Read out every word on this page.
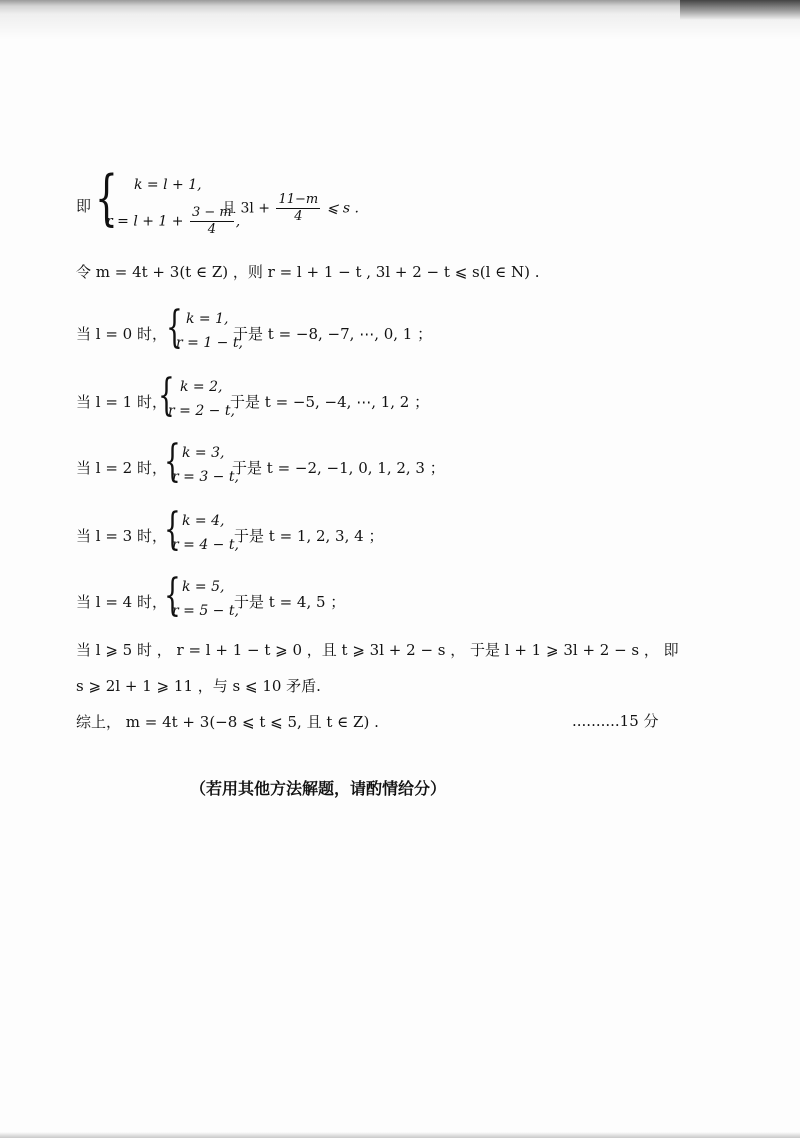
即 { k = l + 1,
$r = l + 1 + \frac{3 - m}{4}$ ,
且 $3l + \frac{11-m}{4}$ ⩽ s .
令 m = 4t + 3(t ∈ Z) ，则 r = l + 1 − t , 3l + 2 − t ⩽ s(l ∈ N) .
当 l = 0 时， { k = 1,
r = 1 − t,
于是 t = −8, −7, ⋯, 0, 1 ；
当 l = 1 时，
{ k = 2,
r = 2 − t,
于是 t = −5, −4, ⋯, 1, 2 ；
当 l = 2 时，
{ k = 3,
r = 3 − t,
于是 t = −2, −1, 0, 1, 2, 3 ；
当 l = 3 时，
{ k = 4,
r = 4 − t,
于是 t = 1, 2, 3, 4 ；
当 l = 4 时，
{ k = 5,
r = 5 − t,
于是 t = 4, 5 ；
当 l ⩾ 5 时 ， r = l + 1 − t ⩾ 0 ，且 t ⩾ 3l + 2 − s ， 于是 l + 1 ⩾ 3l + 2 − s ， 即
s ⩾ 2l + 1 ⩾ 11 ，与 s ⩽ 10 矛盾.
综上， m = 4t + 3(−8 ⩽ t ⩽ 5, 且 t ∈ Z) .	..........15 分
（若用其他方法解题，请酌情给分）
